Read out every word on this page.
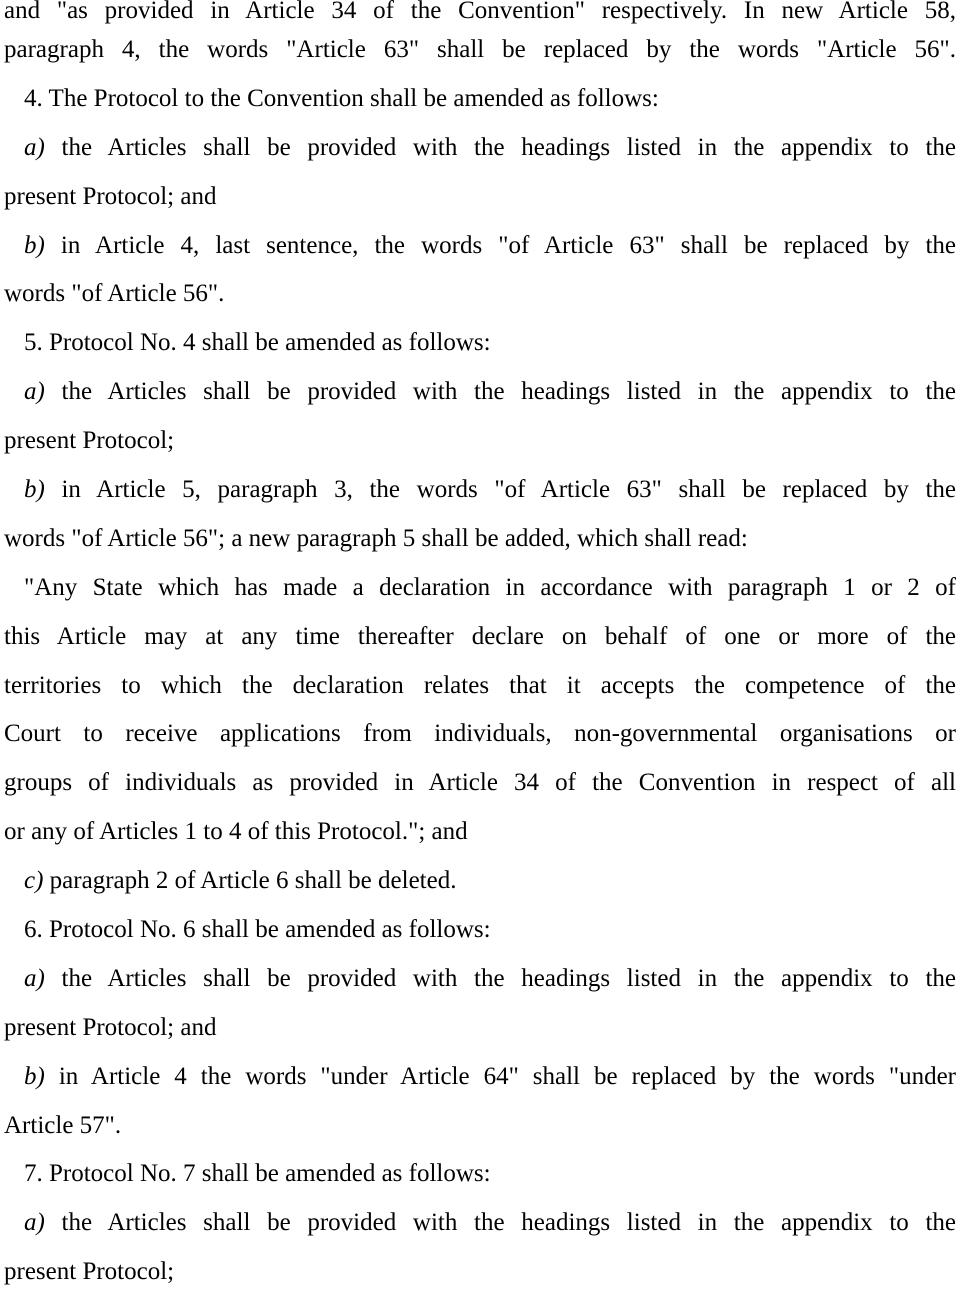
and "as provided in Article 34 of the Convention" respectively. In new Article 58,
paragraph 4, the words "Article 63" shall be replaced by the words "Article 56".
4. The Protocol to the Convention shall be amended as follows:
a) the Articles shall be provided with the headings listed in the appendix to the
present Protocol; and
b) in Article 4, last sentence, the words "of Article 63" shall be replaced by the
words "of Article 56".
5. Protocol No. 4 shall be amended as follows:
a) the Articles shall be provided with the headings listed in the appendix to the
present Protocol;
b) in Article 5, paragraph 3, the words "of Article 63" shall be replaced by the
words "of Article 56"; a new paragraph 5 shall be added, which shall read:
"Any State which has made a declaration in accordance with paragraph 1 or 2 of
this Article may at any time thereafter declare on behalf of one or more of the
territories to which the declaration relates that it accepts the competence of the
Court to receive applications from individuals, non-governmental organisations or
groups of individuals as provided in Article 34 of the Convention in respect of all
or any of Articles 1 to 4 of this Protocol."; and
c) paragraph 2 of Article 6 shall be deleted.
6. Protocol No. 6 shall be amended as follows:
a) the Articles shall be provided with the headings listed in the appendix to the
present Protocol; and
b) in Article 4 the words "under Article 64" shall be replaced by the words "under
Article 57".
7. Protocol No. 7 shall be amended as follows:
a) the Articles shall be provided with the headings listed in the appendix to the
present Protocol;
